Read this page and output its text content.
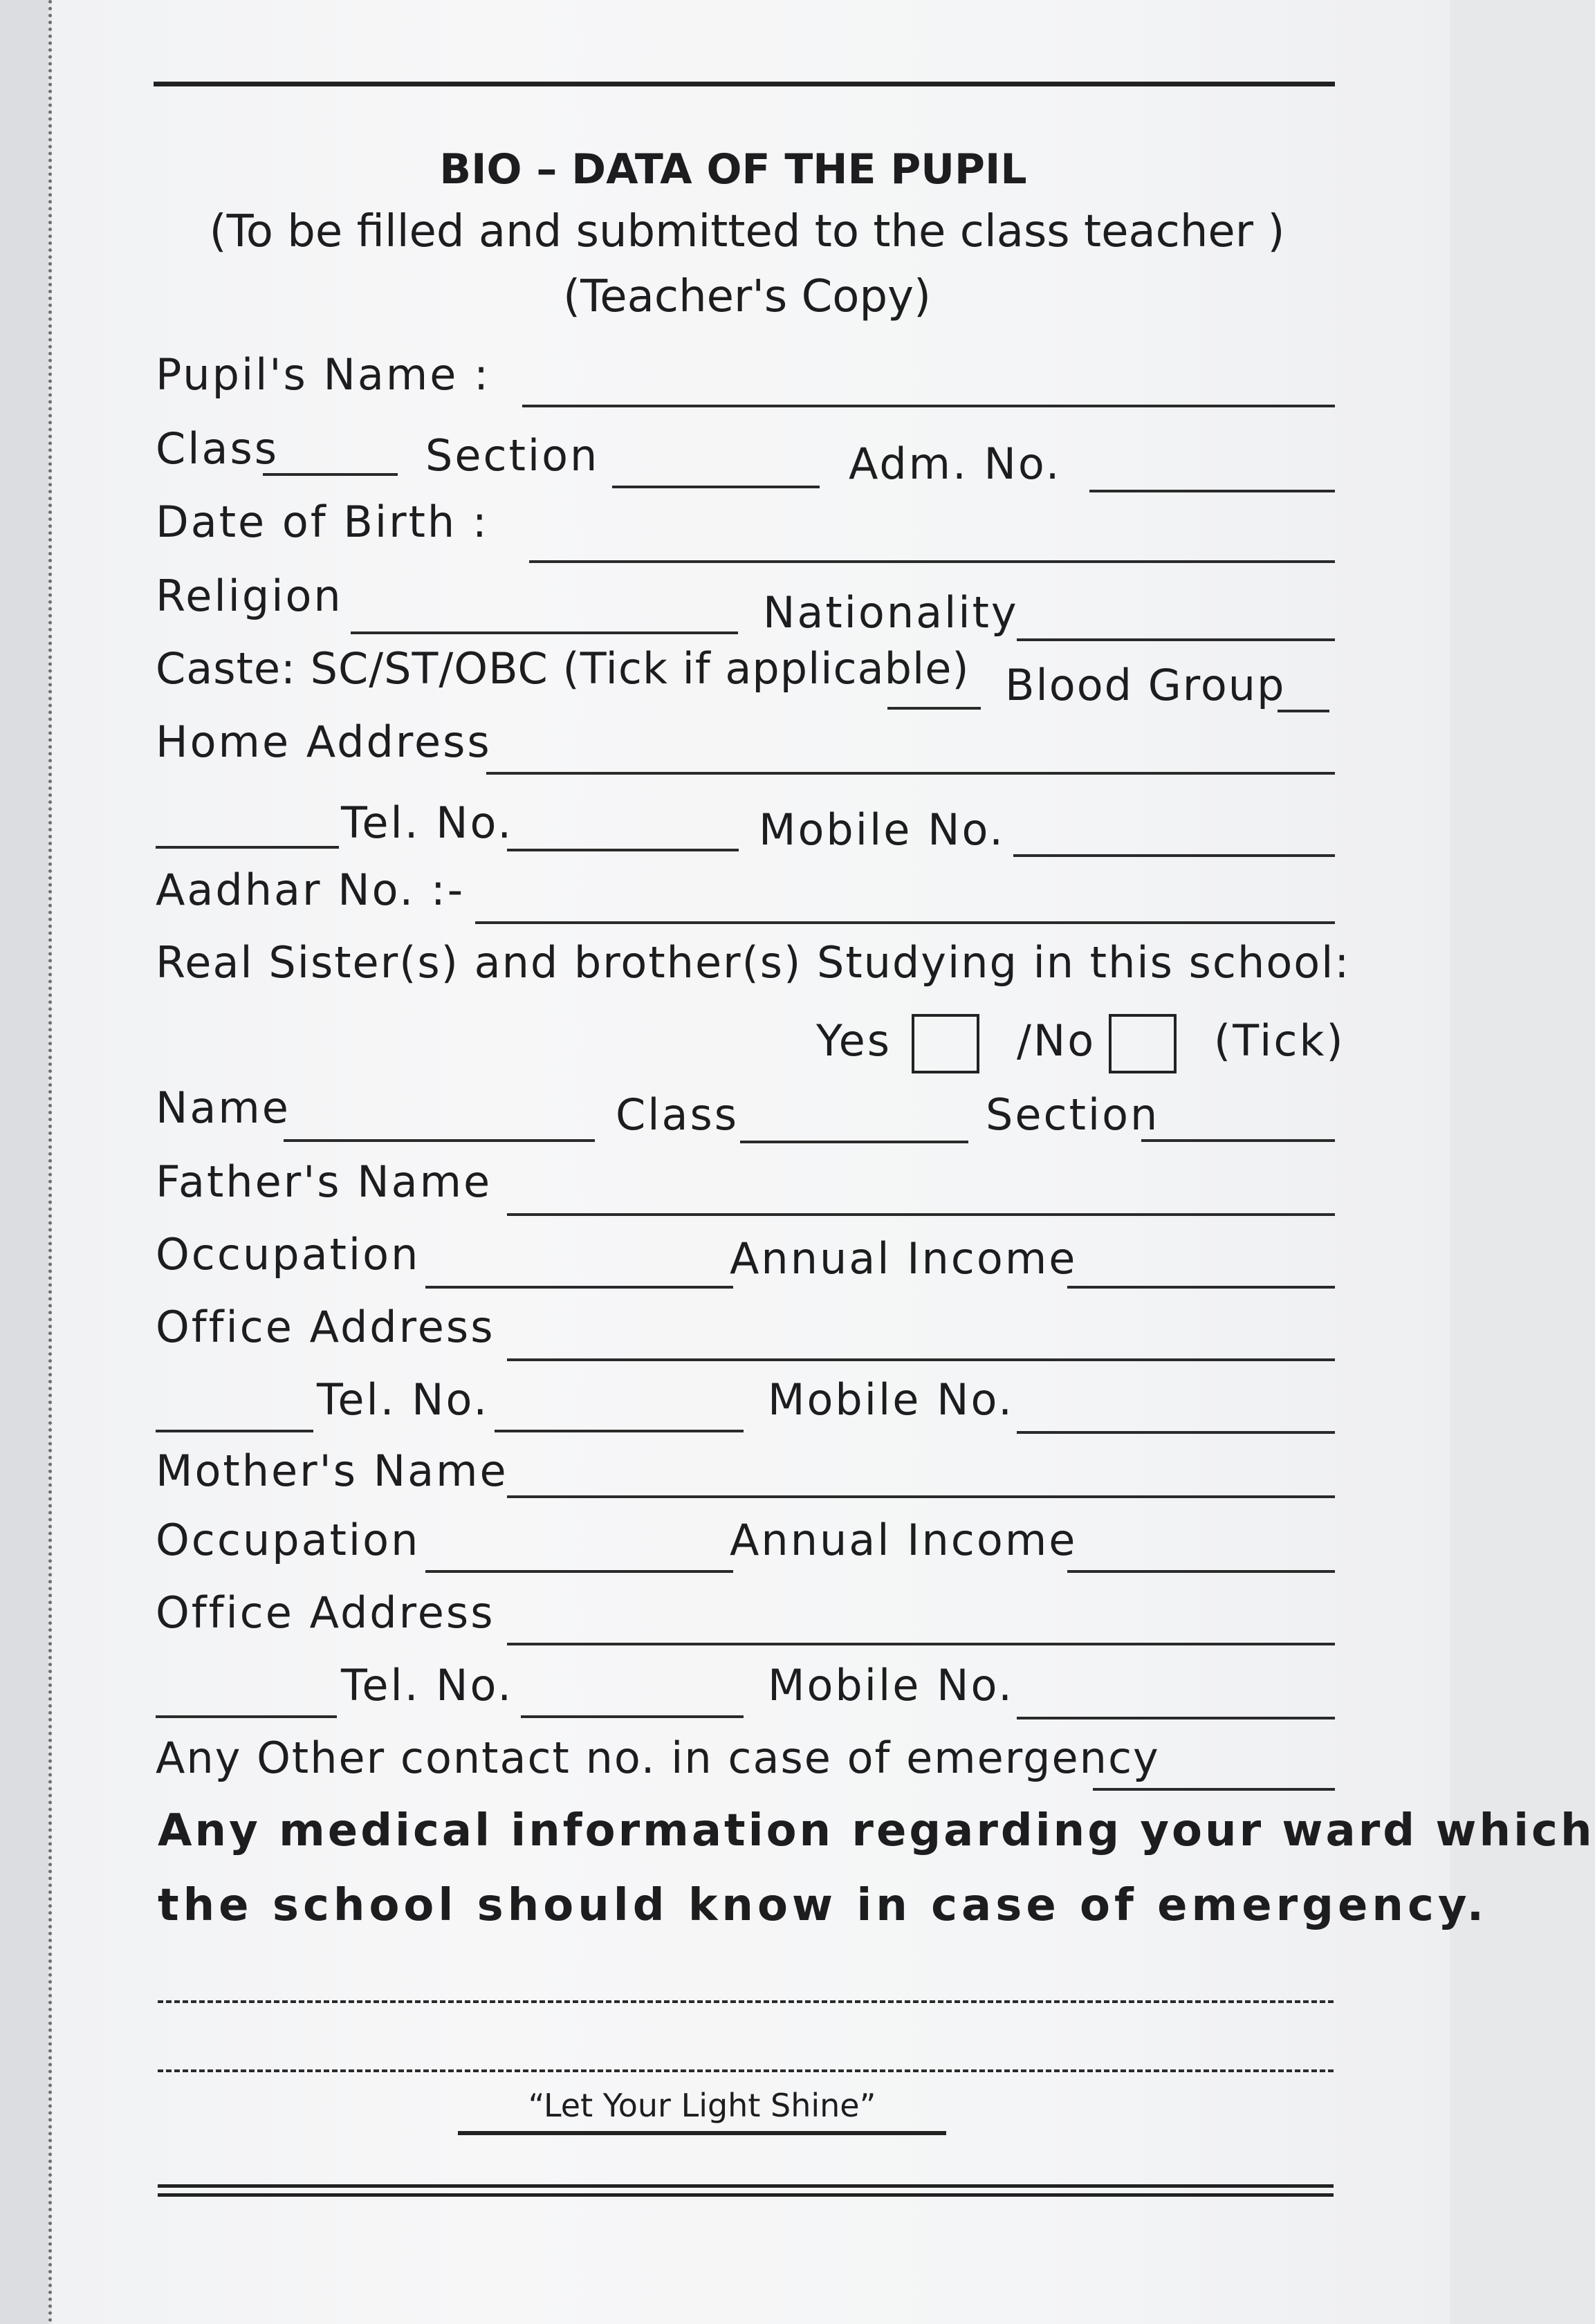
BIO – DATA OF THE PUPIL
(To be filled and submitted to the class teacher )
(Teacher's Copy)
Pupil's Name :
Class	Section	Adm. No.
Date of Birth :
Religion	Nationality
Caste: SC/ST/OBC (Tick if applicable) Blood Group
Home Address
Tel. No.	Mobile No.
Aadhar No. :-
Real Sister(s) and brother(s) Studying in this school:
Yes	/No	(Tick)
Name	Class	Section
Father's Name
Occupation	Annual Income
Office Address
Tel. No.	Mobile No.
Mother's Name
Occupation	Annual Income
Office Address
Tel. No.	Mobile No.
Any Other contact no. in case of emergency
Any medical information regarding your ward which
the school should know in case of emergency.
“Let Your Light Shine”
